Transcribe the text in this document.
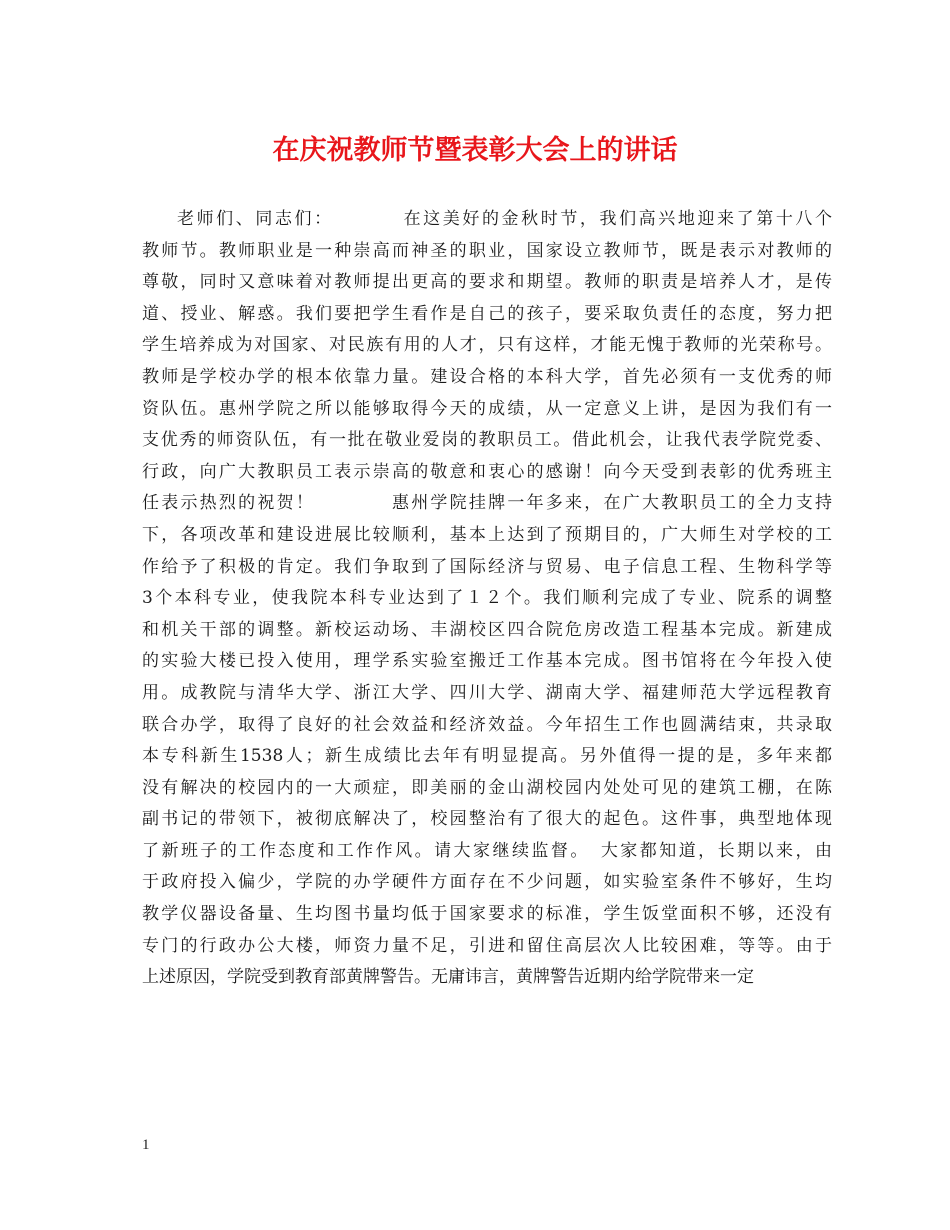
在庆祝教师节暨表彰大会上的讲话
老师们、同志们：　　　　在这美好的金秋时节，我们高兴地迎来了第十八个
教师节。教师职业是一种崇高而神圣的职业，国家设立教师节，既是表示对教师的
尊敬，同时又意味着对教师提出更高的要求和期望。教师的职责是培养人才，是传
道、授业、解惑。我们要把学生看作是自己的孩子，要采取负责任的态度，努力把
学生培养成为对国家、对民族有用的人才，只有这样，才能无愧于教师的光荣称号。
教师是学校办学的根本依靠力量。建设合格的本科大学，首先必须有一支优秀的师
资队伍。惠州学院之所以能够取得今天的成绩，从一定意义上讲，是因为我们有一
支优秀的师资队伍，有一批在敬业爱岗的教职员工。借此机会，让我代表学院党委、
行政，向广大教职员工表示崇高的敬意和衷心的感谢！向今天受到表彰的优秀班主
任表示热烈的祝贺！　　　　惠州学院挂牌一年多来，在广大教职员工的全力支持
下，各项改革和建设进展比较顺利，基本上达到了预期目的，广大师生对学校的工
作给予了积极的肯定。我们争取到了国际经济与贸易、电子信息工程、生物科学等
3个本科专业，使我院本科专业达到了１２个。我们顺利完成了专业、院系的调整
和机关干部的调整。新校运动场、丰湖校区四合院危房改造工程基本完成。新建成
的实验大楼已投入使用，理学系实验室搬迁工作基本完成。图书馆将在今年投入使
用。成教院与清华大学、浙江大学、四川大学、湖南大学、福建师范大学远程教育
联合办学，取得了良好的社会效益和经济效益。今年招生工作也圆满结束，共录取
本专科新生1538人；新生成绩比去年有明显提高。另外值得一提的是，多年来都
没有解决的校园内的一大顽症，即美丽的金山湖校园内处处可见的建筑工棚，在陈
副书记的带领下，被彻底解决了，校园整治有了很大的起色。这件事，典型地体现
了新班子的工作态度和工作作风。请大家继续监督。　大家都知道，长期以来，由
于政府投入偏少，学院的办学硬件方面存在不少问题，如实验室条件不够好，生均
教学仪器设备量、生均图书量均低于国家要求的标准，学生饭堂面积不够，还没有
专门的行政办公大楼，师资力量不足，引进和留住高层次人比较困难，等等。由于
上述原因，学院受到教育部黄牌警告。无庸讳言，黄牌警告近期内给学院带来一定
1
